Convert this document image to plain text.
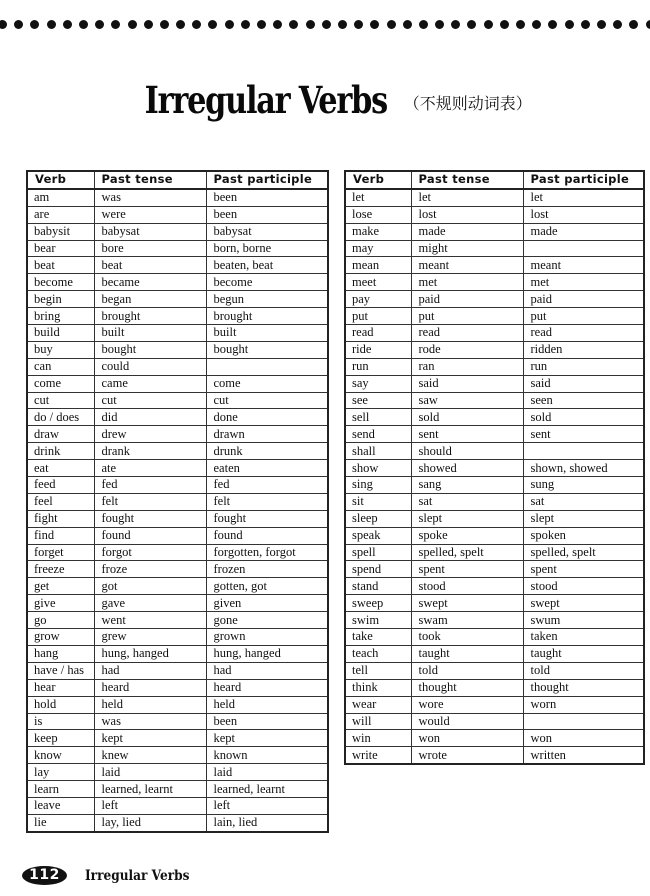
Irregular Verbs （不规则动词表）
Verb	Past tense	Past participle
am	was	been
are	were	been
babysit	babysat	babysat
bear	bore	born, borne
beat	beat	beaten, beat
become	became	become
begin	began	begun
bring	brought	brought
build	built	built
buy	bought	bought
can	could	
come	came	come
cut	cut	cut
do / does	did	done
draw	drew	drawn
drink	drank	drunk
eat	ate	eaten
feed	fed	fed
feel	felt	felt
fight	fought	fought
find	found	found
forget	forgot	forgotten, forgot
freeze	froze	frozen
get	got	gotten, got
give	gave	given
go	went	gone
grow	grew	grown
hang	hung, hanged	hung, hanged
have / has	had	had
hear	heard	heard
hold	held	held
is	was	been
keep	kept	kept
know	knew	known
lay	laid	laid
learn	learned, learnt	learned, learnt
leave	left	left
lie	lay, lied	lain, lied
Verb	Past tense	Past participle
let	let	let
lose	lost	lost
make	made	made
may	might	
mean	meant	meant
meet	met	met
pay	paid	paid
put	put	put
read	read	read
ride	rode	ridden
run	ran	run
say	said	said
see	saw	seen
sell	sold	sold
send	sent	sent
shall	should	
show	showed	shown, showed
sing	sang	sung
sit	sat	sat
sleep	slept	slept
speak	spoke	spoken
spell	spelled, spelt	spelled, spelt
spend	spent	spent
stand	stood	stood
sweep	swept	swept
swim	swam	swum
take	took	taken
teach	taught	taught
tell	told	told
think	thought	thought
wear	wore	worn
will	would	
win	won	won
write	wrote	written
112	Irregular Verbs
